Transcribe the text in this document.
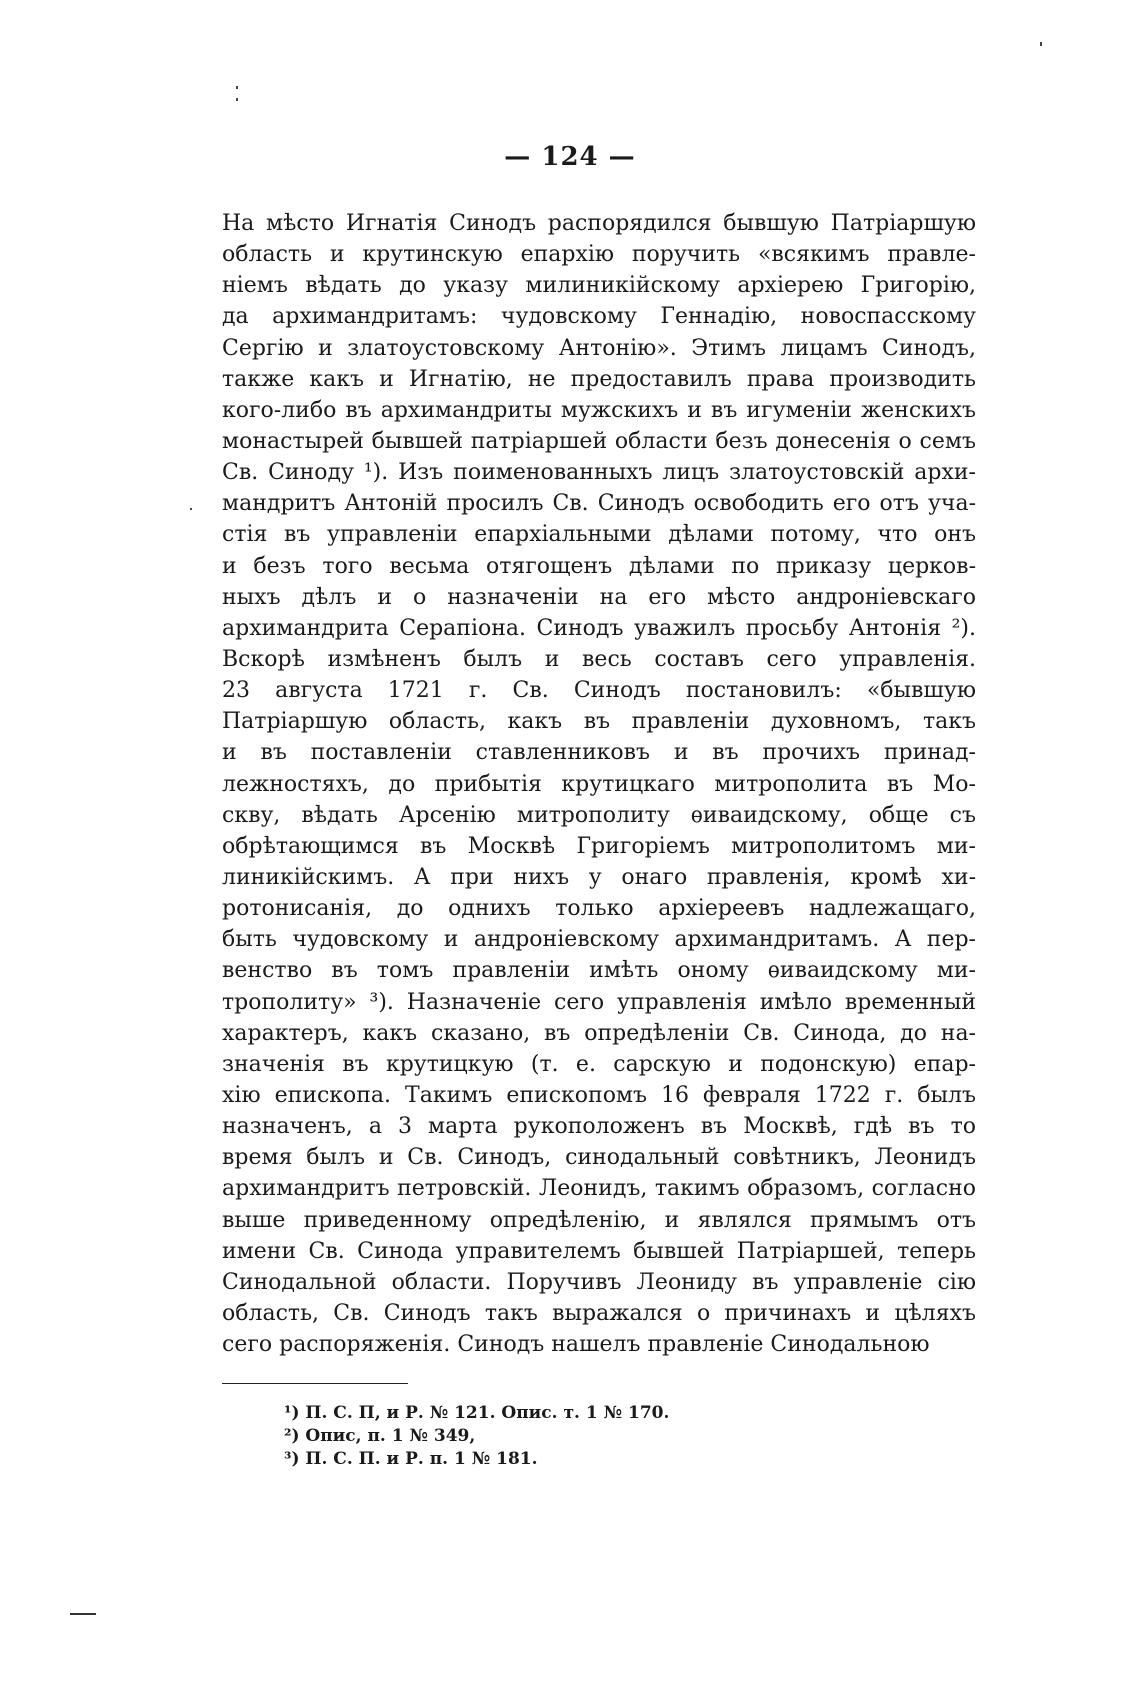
— 124 —
На мѣсто Игнатія Синодъ распорядился бывшую Патріаршую
область и крутинскую епархію поручить «всякимъ правле-
ніемъ вѣдать до указу милиникійскому архіерею Григорію,
да архимандритамъ: чудовскому Геннадію, новоспасскому
Сергію и златоустовскому Антонію». Этимъ лицамъ Синодъ,
также какъ и Игнатію, не предоставилъ права производить
кого-либо въ архимандриты мужскихъ и въ игуменіи женскихъ
монастырей бывшей патріаршей области безъ донесенія о семъ
Св. Синоду ¹). Изъ поименованныхъ лицъ златоустовскій архи-
мандритъ Антоній просилъ Св. Синодъ освободить его отъ уча-
стія въ управленіи епархіальными дѣлами потому, что онъ
и безъ того весьма отягощенъ дѣлами по приказу церков-
ныхъ дѣлъ и о назначеніи на его мѣсто андроніевскаго
архимандрита Серапіона. Синодъ уважилъ просьбу Антонія ²).
Вскорѣ измѣненъ былъ и весь составъ сего управленія.
23 августа 1721 г. Св. Синодъ постановилъ: «бывшую
Патріаршую область, какъ въ правленіи духовномъ, такъ
и въ поставленіи ставленниковъ и въ прочихъ принад-
лежностяхъ, до прибытія крутицкаго митрополита въ Мо-
скву, вѣдать Арсенію митрополиту ѳиваидскому, обще съ
обрѣтающимся въ Москвѣ Григоріемъ митрополитомъ ми-
линикійскимъ. А при нихъ у онаго правленія, кромѣ хи-
ротонисанія, до однихъ только архіереевъ надлежащаго,
быть чудовскому и андроніевскому архимандритамъ. А пер-
венство въ томъ правленіи имѣть оному ѳиваидскому ми-
трополиту» ³). Назначеніе сего управленія имѣло временный
характеръ, какъ сказано, въ опредѣленіи Св. Синода, до на-
значенія въ крутицкую (т. е. сарскую и подонскую) епар-
хію епископа. Такимъ епископомъ 16 февраля 1722 г. былъ
назначенъ, а 3 марта рукоположенъ въ Москвѣ, гдѣ въ то
время былъ и Св. Синодъ, синодальный совѣтникъ, Леонидъ
архимандритъ петровскій. Леонидъ, такимъ образомъ, согласно
выше приведенному опредѣленію, и являлся прямымъ отъ
имени Св. Синода управителемъ бывшей Патріаршей, теперь
Синодальной области. Поручивъ Леониду въ управленіе сію
область, Св. Синодъ такъ выражался о причинахъ и цѣляхъ
сего распоряженія. Синодъ нашелъ правленіе Синодальною
¹) П. С. П, и Р. № 121. Опис. т. 1 № 170.
²) Опис, п. 1 № 349,
³) П. С. П. и Р. п. 1 № 181.
